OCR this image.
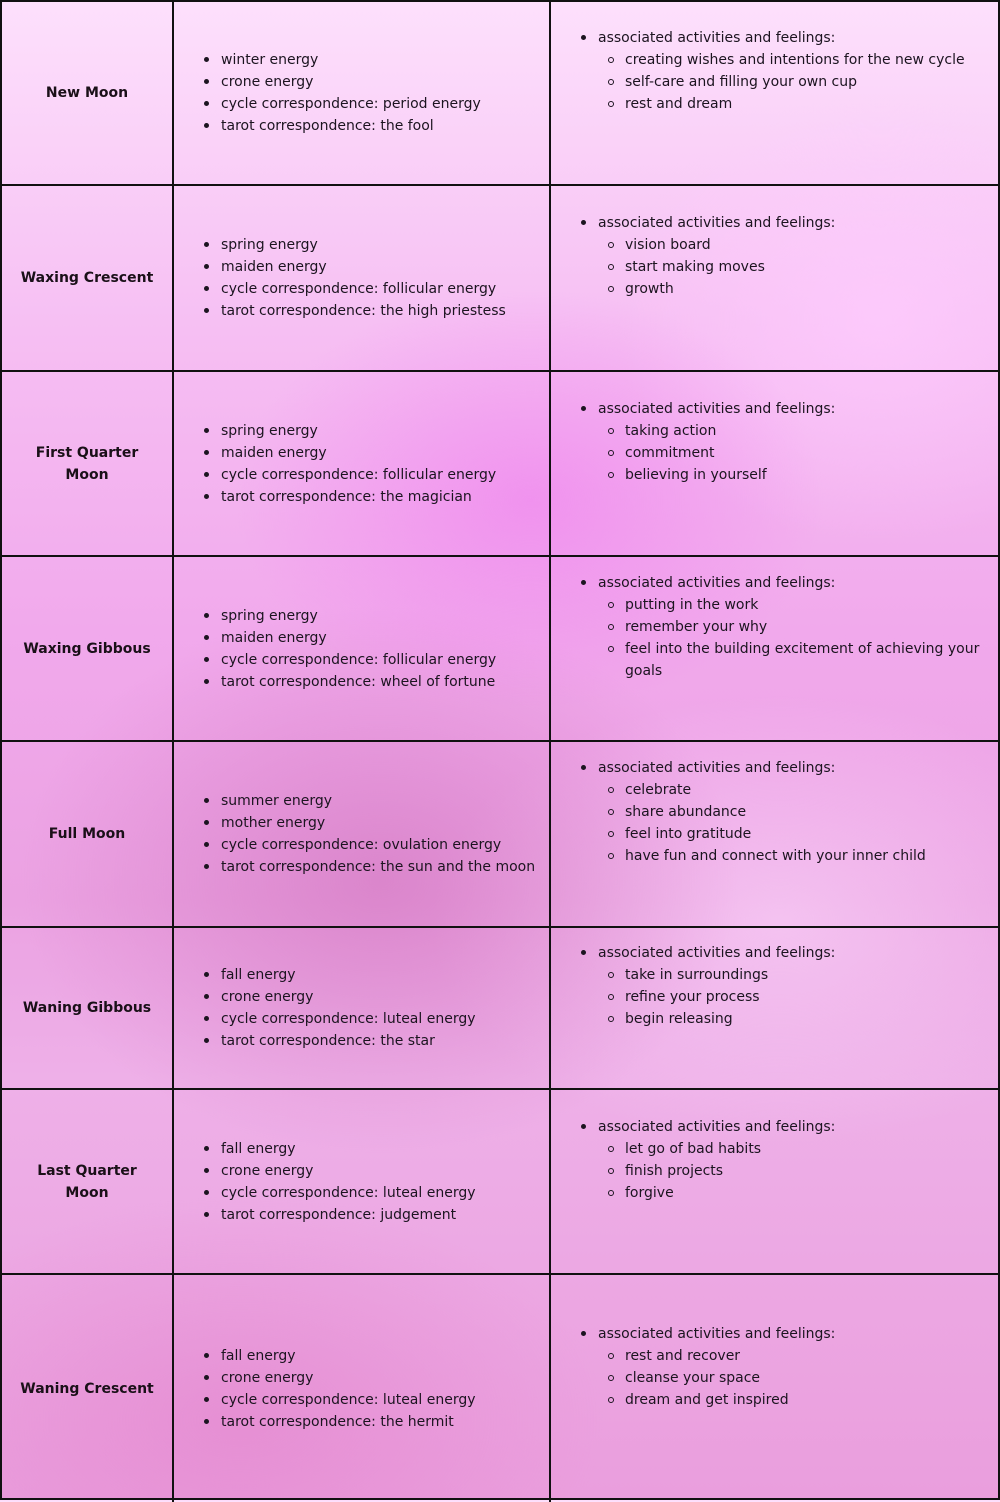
New Moon
winter energy
crone energy
cycle correspondence: period energy
tarot correspondence: the fool
associated activities and feelings:
creating wishes and intentions for the new cycle
self-care and filling your own cup
rest and dream
Waxing Crescent
spring energy
maiden energy
cycle correspondence: follicular energy
tarot correspondence: the high priestess
associated activities and feelings:
vision board
start making moves
growth
First Quarter Moon
spring energy
maiden energy
cycle correspondence: follicular energy
tarot correspondence: the magician
associated activities and feelings:
taking action
commitment
believing in yourself
Waxing Gibbous
spring energy
maiden energy
cycle correspondence: follicular energy
tarot correspondence: wheel of fortune
associated activities and feelings:
putting in the work
remember your why
feel into the building excitement of achieving your goals
Full Moon
summer energy
mother energy
cycle correspondence: ovulation energy
tarot correspondence: the sun and the moon
associated activities and feelings:
celebrate
share abundance
feel into gratitude
have fun and connect with your inner child
Waning Gibbous
fall energy
crone energy
cycle correspondence: luteal energy
tarot correspondence: the star
associated activities and feelings:
take in surroundings
refine your process
begin releasing
Last Quarter Moon
fall energy
crone energy
cycle correspondence: luteal energy
tarot correspondence: judgement
associated activities and feelings:
let go of bad habits
finish projects
forgive
Waning Crescent
fall energy
crone energy
cycle correspondence: luteal energy
tarot correspondence: the hermit
associated activities and feelings:
rest and recover
cleanse your space
dream and get inspired
